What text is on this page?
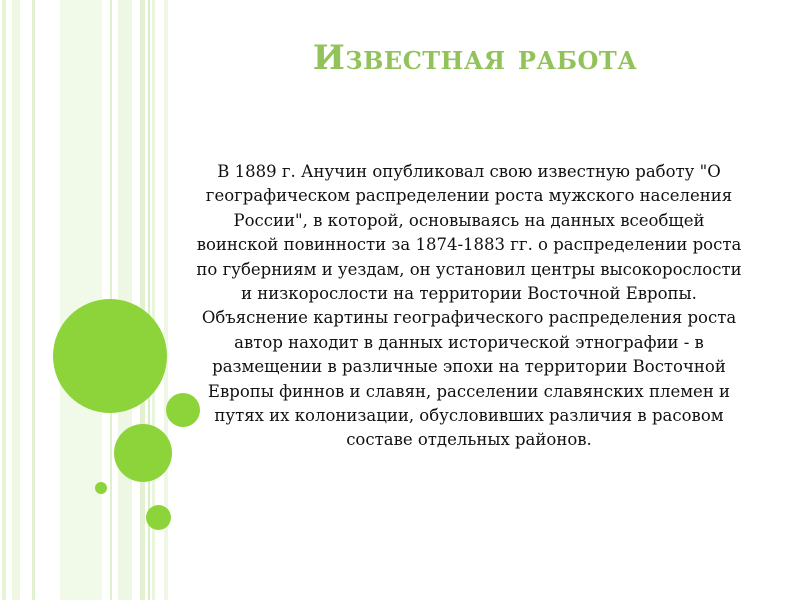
Известная работа

В 1889 г. Анучин опубликовал свою известную работу "О географическом распределении роста мужского населения России", в которой, основываясь на данных всеобщей воинской повинности за 1874-1883 гг. о распределении роста по губерниям и уездам, он установил центры высокорослости и низкорослости на территории Восточной Европы. Объяснение картины географического распределения роста автор находит в данных исторической этнографии - в размещении в различные эпохи на территории Восточной Европы финнов и славян, расселении славянских племен и путях их колонизации, обусловивших различия в расовом составе отдельных районов.
